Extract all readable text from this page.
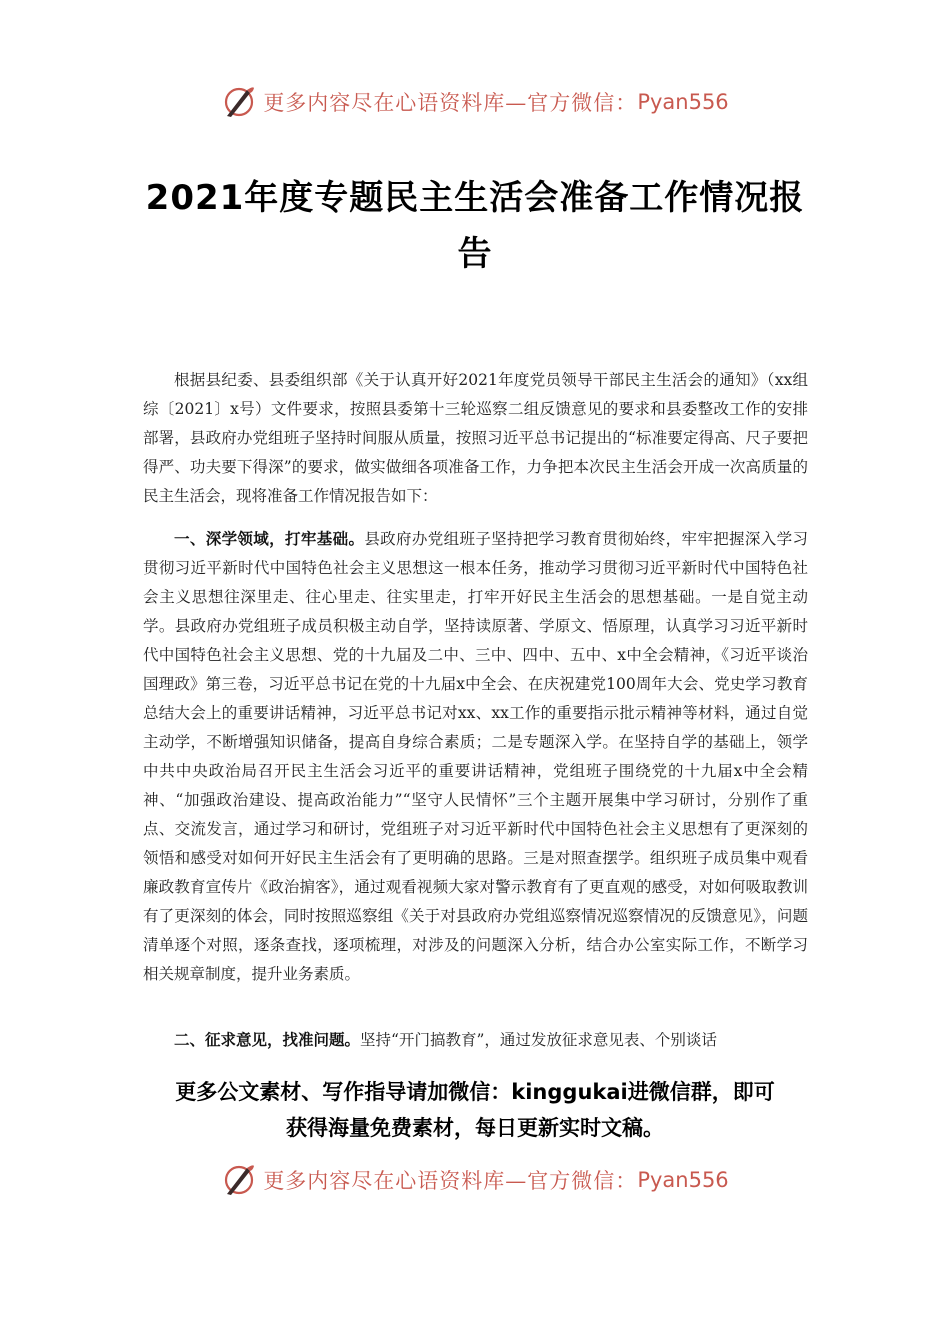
更多内容尽在心语资料库—官方微信： Pyan556
2021年度专题民主生活会准备工作情况报告

根据县纪委、县委组织部《关于认真开好2021年度党员领导干部民主生活会的通知》（xx组综〔2021〕x号）文件要求，按照县委第十三轮巡察二组反馈意见的要求和县委整改工作的安排部署，县政府办党组班子坚持时间服从质量，按照习近平总书记提出的“标准要定得高、尺子要把得严、功夫要下得深”的要求，做实做细各项准备工作，力争把本次民主生活会开成一次高质量的民主生活会，现将准备工作情况报告如下：

一、深学领域，打牢基础。县政府办党组班子坚持把学习教育贯彻始终，牢牢把握深入学习贯彻习近平新时代中国特色社会主义思想这一根本任务，推动学习贯彻习近平新时代中国特色社会主义思想往深里走、往心里走、往实里走，打牢开好民主生活会的思想基础。一是自觉主动学。县政府办党组班子成员积极主动自学，坚持读原著、学原文、悟原理，认真学习习近平新时代中国特色社会主义思想、党的十九届及二中、三中、四中、五中、x中全会精神，《习近平谈治国理政》第三卷，习近平总书记在党的十九届x中全会、在庆祝建党100周年大会、党史学习教育总结大会上的重要讲话精神，习近平总书记对xx、xx工作的重要指示批示精神等材料，通过自觉主动学，不断增强知识储备，提高自身综合素质；二是专题深入学。在坚持自学的基础上，领学中共中央政治局召开民主生活会习近平的重要讲话精神，党组班子围绕党的十九届x中全会精神、“加强政治建设、提高政治能力”“坚守人民情怀”三个主题开展集中学习研讨，分别作了重点、交流发言，通过学习和研讨，党组班子对习近平新时代中国特色社会主义思想有了更深刻的领悟和感受对如何开好民主生活会有了更明确的思路。三是对照查摆学。组织班子成员集中观看廉政教育宣传片《政治掮客》，通过观看视频大家对警示教育有了更直观的感受，对如何吸取教训有了更深刻的体会，同时按照巡察组《关于对县政府办党组巡察情况巡察情况的反馈意见》，问题清单逐个对照，逐条查找，逐项梳理，对涉及的问题深入分析，结合办公室实际工作，不断学习相关规章制度，提升业务素质。

二、征求意见，找准问题。坚持“开门搞教育”，通过发放征求意见表、个别谈话

更多公文素材、写作指导请加微信：kinggukai进微信群，即可
获得海量免费素材，每日更新实时文稿。
更多内容尽在心语资料库—官方微信： Pyan556
